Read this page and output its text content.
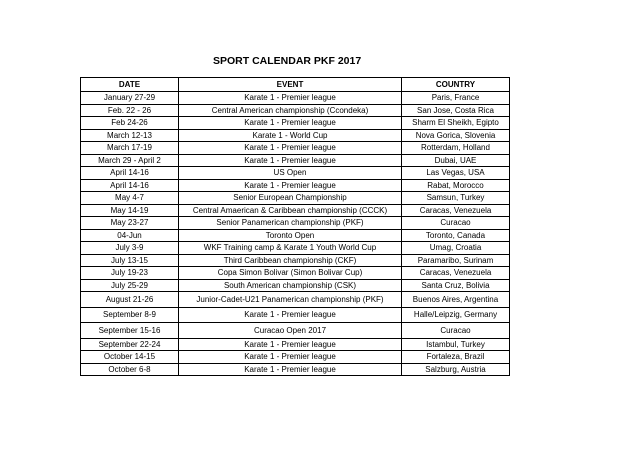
SPORT CALENDAR PKF 2017
DATE	EVENT	COUNTRY
January 27-29	Karate 1 - Premier league	Paris, France
Feb. 22 - 26	Central American championship (Ccondeka)	San Jose, Costa Rica
Feb 24-26	Karate 1 - Premier league	Sharm El Sheikh, Egipto
March 12-13	Karate 1 - World Cup	Nova Gorica, Slovenia
March 17-19	Karate 1 - Premier league	Rotterdam, Holland
March 29 - April 2	Karate 1 - Premier league	Dubai, UAE
April 14-16	US Open	Las Vegas, USA
April 14-16	Karate 1 - Premier league	Rabat, Morocco
May 4-7	Senior European Championship	Samsun, Turkey
May 14-19	Central Amaerican & Caribbean championship (CCCK)	Caracas, Venezuela
May 23-27	Senior Panamerican championship (PKF)	Curacao
04-Jun	Toronto Open	Toronto, Canada
July 3-9	WKF Training camp & Karate 1 Youth World Cup	Umag, Croatia
July 13-15	Third Caribbean championship (CKF)	Paramaribo, Surinam
July 19-23	Copa Simon Bolivar (Simon Bolivar Cup)	Caracas, Venezuela
July 25-29	South American championship (CSK)	Santa Cruz, Bolivia
August 21-26	Junior-Cadet-U21 Panamerican championship (PKF)	Buenos Aires, Argentina
September 8-9	Karate 1 - Premier league	Halle/Leipzig, Germany
September 15-16	Curacao Open 2017	Curacao
September 22-24	Karate 1 - Premier league	Istambul, Turkey
October 14-15	Karate 1 - Premier league	Fortaleza, Brazil
October 6-8	Karate 1 - Premier league	Salzburg, Austria
